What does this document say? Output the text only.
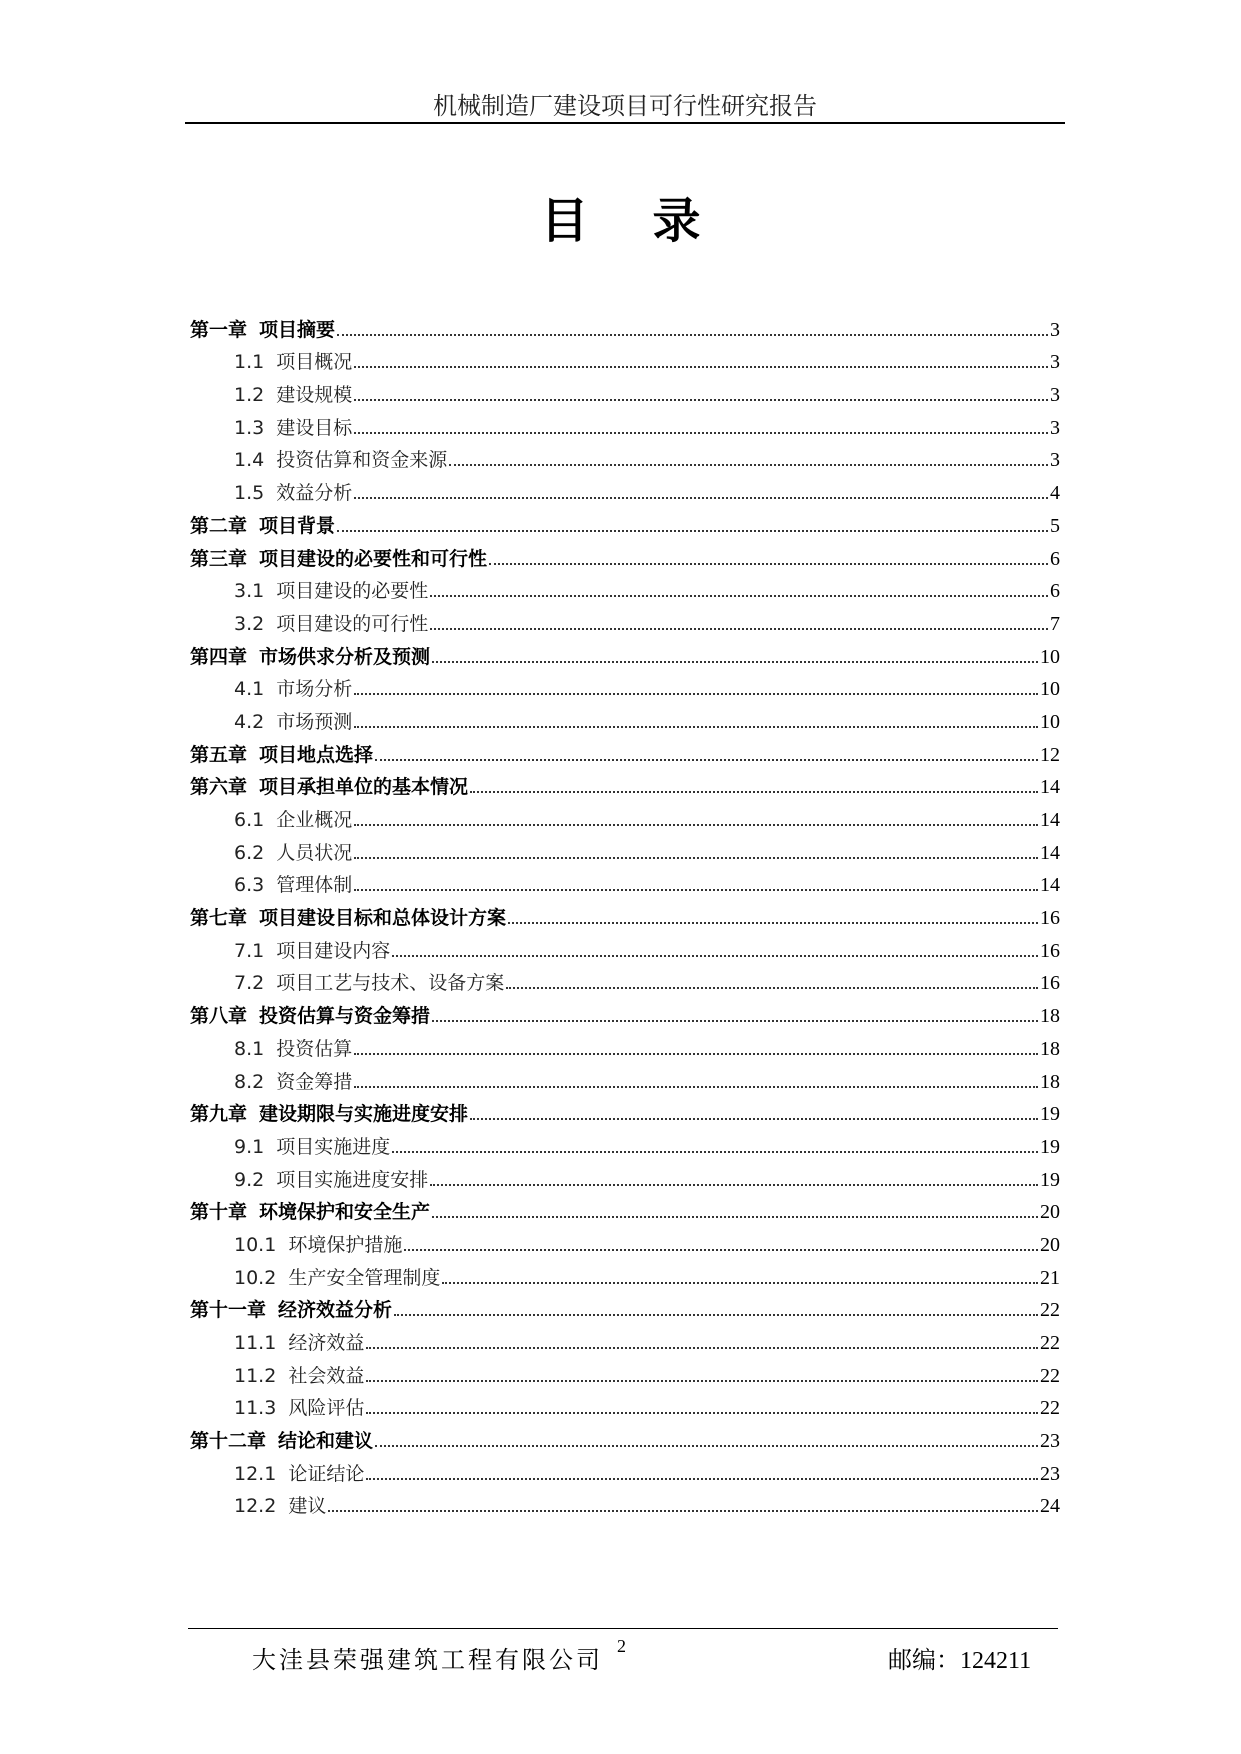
机械制造厂建设项目可行性研究报告
目录
第一章 项目摘要	3
1.1 项目概况	3
1.2 建设规模	3
1.3 建设目标	3
1.4 投资估算和资金来源	3
1.5 效益分析	4
第二章 项目背景	5
第三章 项目建设的必要性和可行性	6
3.1 项目建设的必要性	6
3.2 项目建设的可行性	7
第四章 市场供求分析及预测	10
4.1 市场分析	10
4.2 市场预测	10
第五章 项目地点选择	12
第六章 项目承担单位的基本情况	14
6.1 企业概况	14
6.2 人员状况	14
6.3 管理体制	14
第七章 项目建设目标和总体设计方案	16
7.1 项目建设内容	16
7.2 项目工艺与技术、设备方案	16
第八章 投资估算与资金筹措	18
8.1 投资估算	18
8.2 资金筹措	18
第九章 建设期限与实施进度安排	19
9.1 项目实施进度	19
9.2 项目实施进度安排	19
第十章 环境保护和安全生产	20
10.1 环境保护措施	20
10.2 生产安全管理制度	21
第十一章 经济效益分析	22
11.1 经济效益	22
11.2 社会效益	22
11.3 风险评估	22
第十二章 结论和建议	23
12.1 论证结论	23
12.2 建议	24
大洼县荣强建筑工程有限公司 2
邮编：124211
